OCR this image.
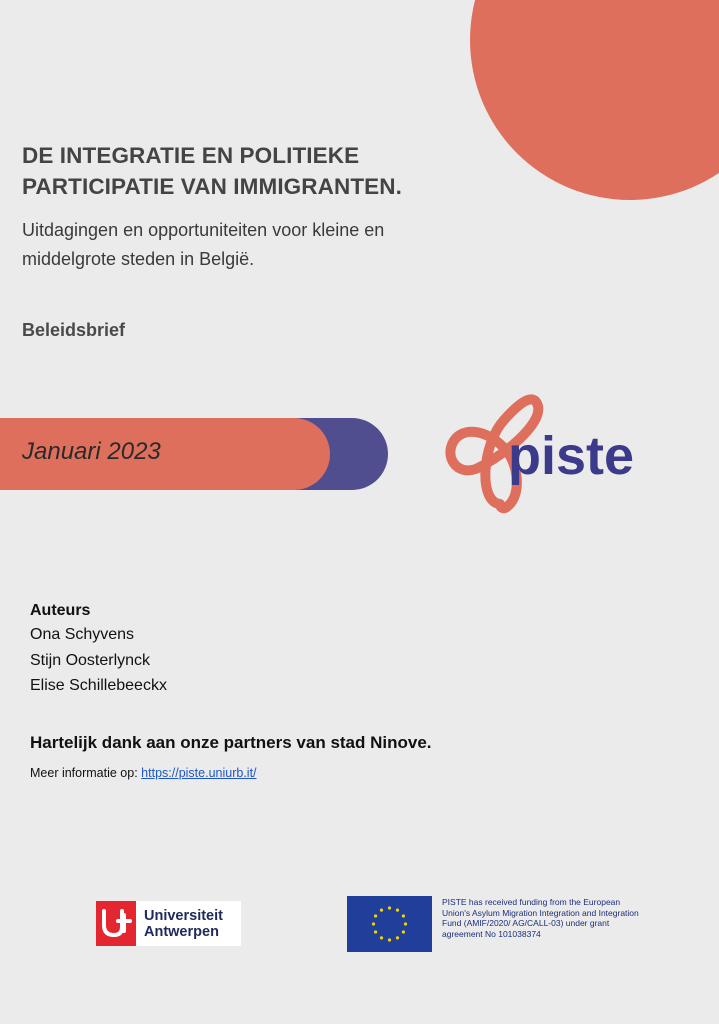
DE INTEGRATIE EN POLITIEKE PARTICIPATIE VAN IMMIGRANTEN.

Uitdagingen en opportuniteiten voor kleine en middelgrote steden in België.

Beleidsbrief
Januari 2023	piste
Auteurs
Ona Schyvens
Stijn Oosterlynck
Elise Schillebeeckx
Hartelijk dank aan onze partners van stad Ninove.
Meer informatie op: https://piste.uniurb.it/
Universiteit
Antwerpen
PISTE has received funding from the European Union's Asylum Migration Integration and Integration Fund (AMIF/2020/ AG/CALL-03) under grant agreement No 101038374
